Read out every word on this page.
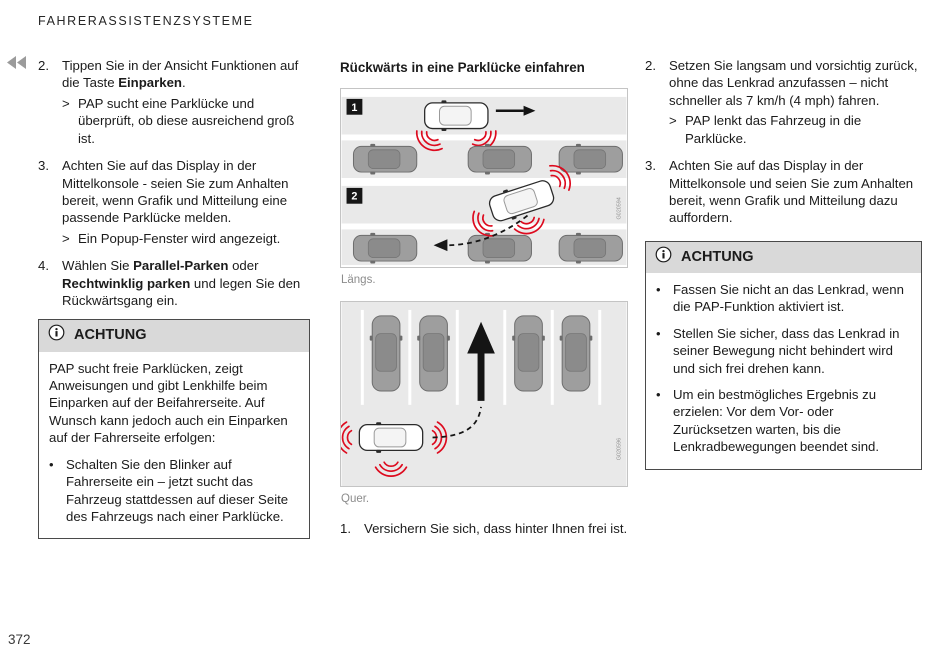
FAHRERASSISTENZSYSTEME
2. Tippen Sie in der Ansicht Funktionen auf die Taste Einparken.
> PAP sucht eine Parklücke und überprüft, ob diese ausreichend groß ist.
3. Achten Sie auf das Display in der Mittelkonsole - seien Sie zum Anhalten bereit, wenn Grafik und Mitteilung eine passende Parklücke melden.
> Ein Popup-Fenster wird angezeigt.
4. Wählen Sie Parallel-Parken oder Rechtwinklig parken und legen Sie den Rückwärtsgang ein.
ACHTUNG

PAP sucht freie Parklücken, zeigt Anweisungen und gibt Lenkhilfe beim Einparken auf der Beifahrerseite. Auf Wunsch kann jedoch auch ein Einparken auf der Fahrerseite erfolgen:

• Schalten Sie den Blinker auf Fahrerseite ein – jetzt sucht das Fahrzeug stattdessen auf dieser Seite des Fahrzeugs nach einer Parklücke.
Rückwärts in eine Parklücke einfahren
1
2
G020594
Längs.
G020596
Quer.
1. Versichern Sie sich, dass hinter Ihnen frei ist.
2. Setzen Sie langsam und vorsichtig zurück, ohne das Lenkrad anzufassen – nicht schneller als 7 km/h (4 mph) fahren.
> PAP lenkt das Fahrzeug in die Parklücke.
3. Achten Sie auf das Display in der Mittelkonsole und seien Sie zum Anhalten bereit, wenn Grafik und Mitteilung dazu auffordern.
ACHTUNG
• Fassen Sie nicht an das Lenkrad, wenn die PAP-Funktion aktiviert ist.
• Stellen Sie sicher, dass das Lenkrad in seiner Bewegung nicht behindert wird und sich frei drehen kann.
• Um ein bestmögliches Ergebnis zu erzielen: Vor dem Vor- oder Zurücksetzen warten, bis die Lenkradbewegungen beendet sind.
372
